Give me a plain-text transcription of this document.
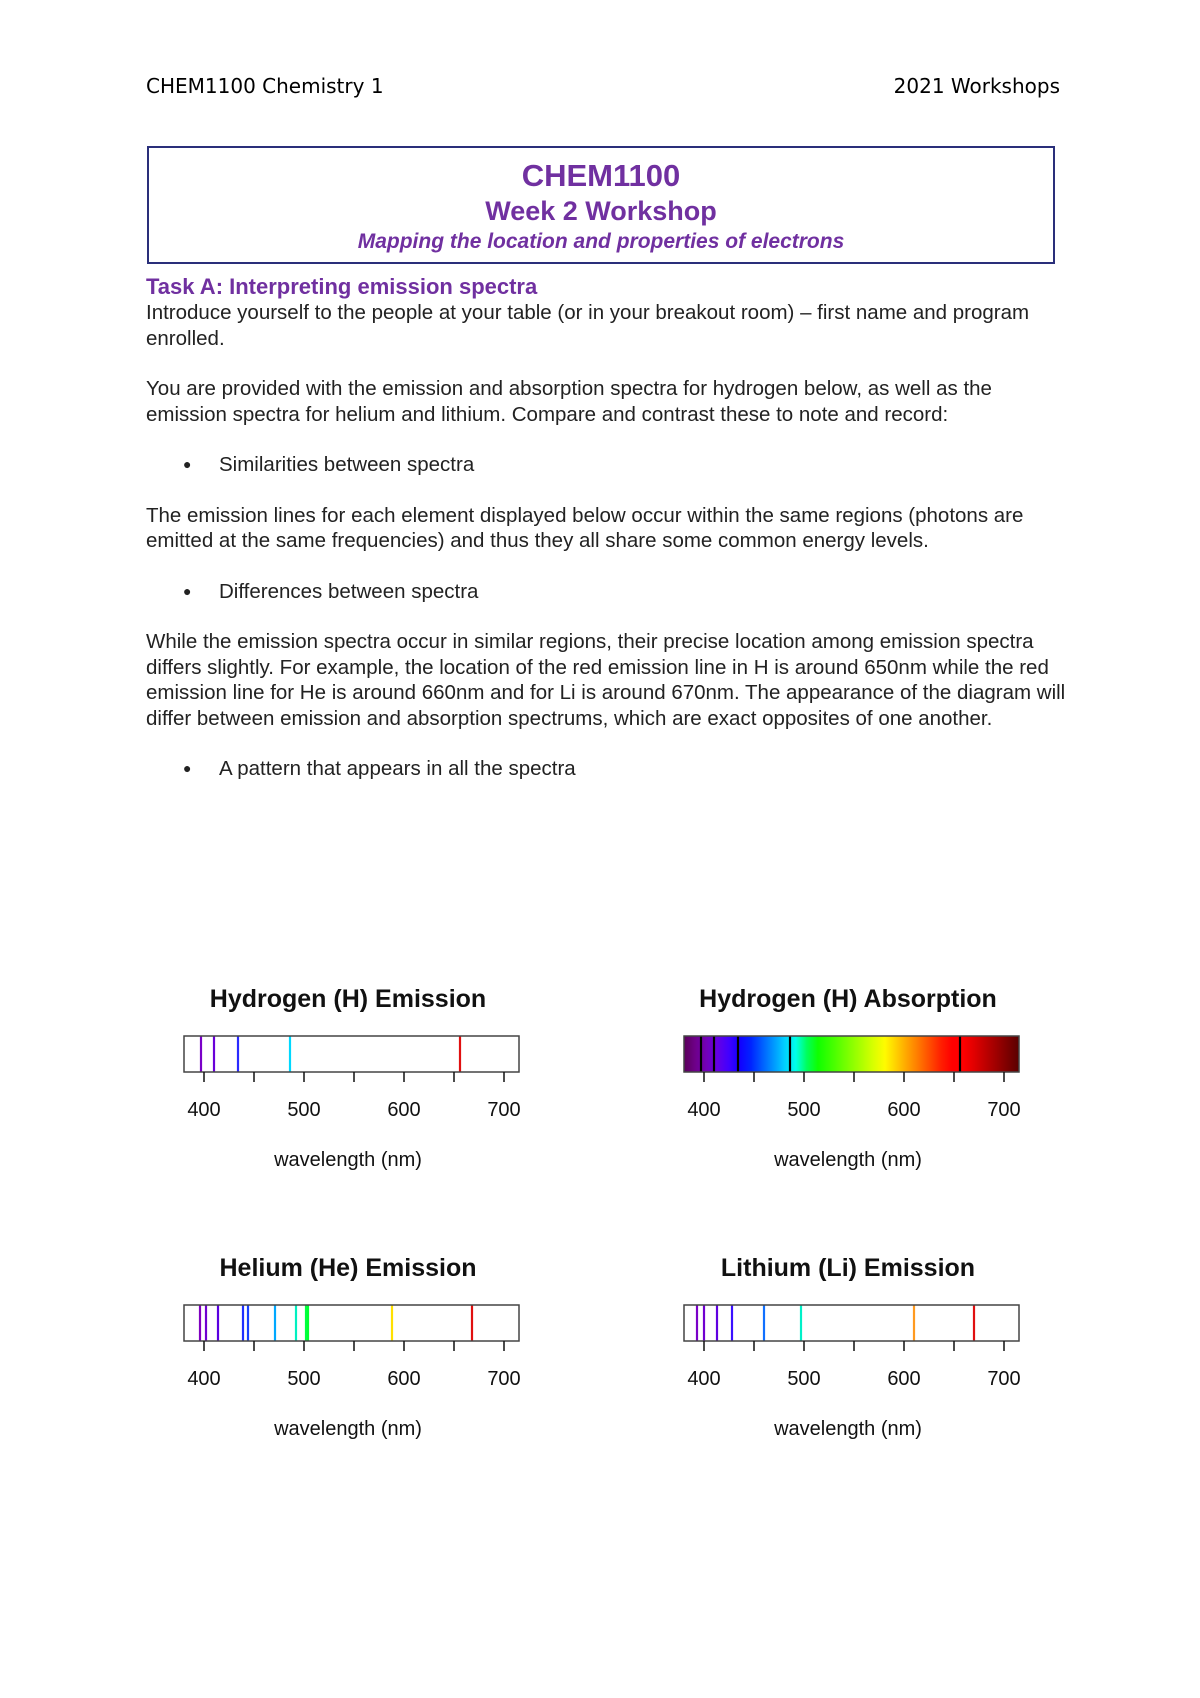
CHEM1100 Chemistry 1	2021 Workshops
CHEM1100
Week 2 Workshop
Mapping the location and properties of electrons
Task A: Interpreting emission spectra

Introduce yourself to the people at your table (or in your breakout room) – first name and program enrolled.

You are provided with the emission and absorption spectra for hydrogen below, as well as the emission spectra for helium and lithium. Compare and contrast these to note and record:

●	Similarities between spectra

The emission lines for each element displayed below occur within the same regions (photons are emitted at the same frequencies) and thus they all share some common energy levels.

●	Differences between spectra

While the emission spectra occur in similar regions, their precise location among emission spectra differs slightly. For example, the location of the red emission line in H is around 650nm while the red emission line for He is around 660nm and for Li is around 670nm. The appearance of the diagram will differ between emission and absorption spectrums, which are exact opposites of one another.

●	A pattern that appears in all the spectra
Hydrogen (H) Emission
400	500	600	700
wavelength (nm)
Hydrogen (H) Absorption
400	500	600	700
wavelength (nm)
Helium (He) Emission
400	500	600	700
wavelength (nm)
Lithium (Li) Emission
400	500	600	700
wavelength (nm)
